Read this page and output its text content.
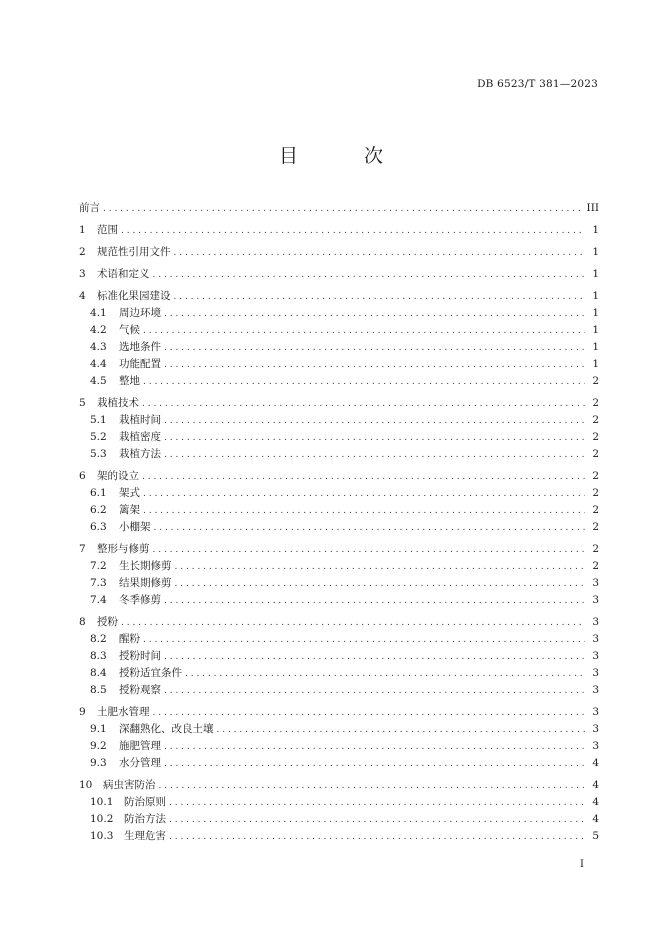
DB 6523/T 381—2023
目 次
前言 . . .	III
1	范围 . . .	1
2	规范性引用文件 . . .	1
3	术语和定义 . . .	1
4	标准化果园建设 . . .	1
4.1	周边环境 . . .	1
4.2	气候 . . .	1
4.3	选地条件 . . .	1
4.4	功能配置 . . .	1
4.5	整地 . . .	2
5	栽植技术 . . .	2
5.1	栽植时间 . . .	2
5.2	栽植密度 . . .	2
5.3	栽植方法 . . .	2
6	架的设立 . . .	2
6.1	架式 . . .	2
6.2	篱架 . . .	2
6.3	小棚架 . . .	2
7	整形与修剪 . . .	2
7.2	生长期修剪 . . .	2
7.3	结果期修剪 . . .	3
7.4	冬季修剪 . . .	3
8	授粉 . . .	3
8.2	醒粉 . . .	3
8.3	授粉时间 . . .	3
8.4	授粉适宜条件 . . .	3
8.5	授粉观察 . . .	3
9	土肥水管理 . . .	3
9.1	深翻熟化、改良土壤 . . .	3
9.2	施肥管理 . . .	3
9.3	水分管理 . . .	4
10	病虫害防治 . . .	4
10.1	防治原则 . . .	4
10.2	防治方法 . . .	4
10.3	生理危害 . . .	5
I
